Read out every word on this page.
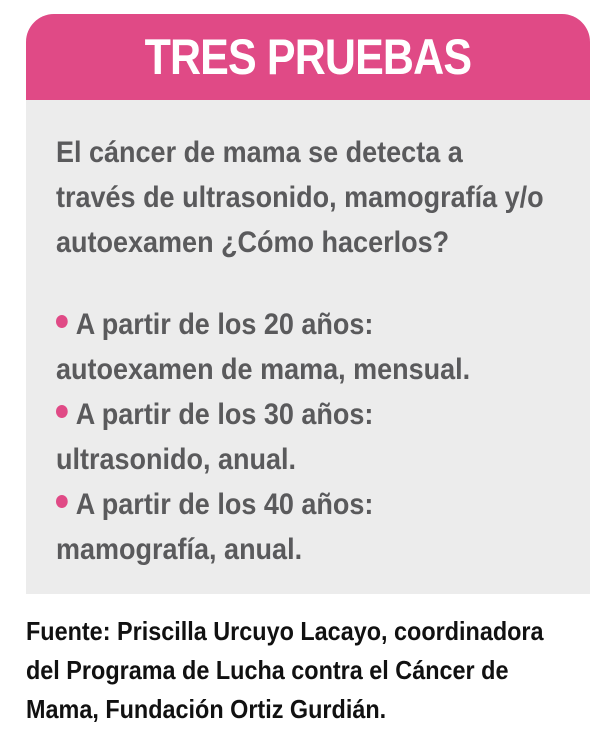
TRES PRUEBAS

El cáncer de mama se detecta a
través de ultrasonido, mamografía y/o
autoexamen ¿Cómo hacerlos?

A partir de los 20 años:
autoexamen de mama, mensual.
A partir de los 30 años:
ultrasonido, anual.
A partir de los 40 años:
mamografía, anual.
Fuente: Priscilla Urcuyo Lacayo, coordinadora
del Programa de Lucha contra el Cáncer de
Mama, Fundación Ortiz Gurdián.
